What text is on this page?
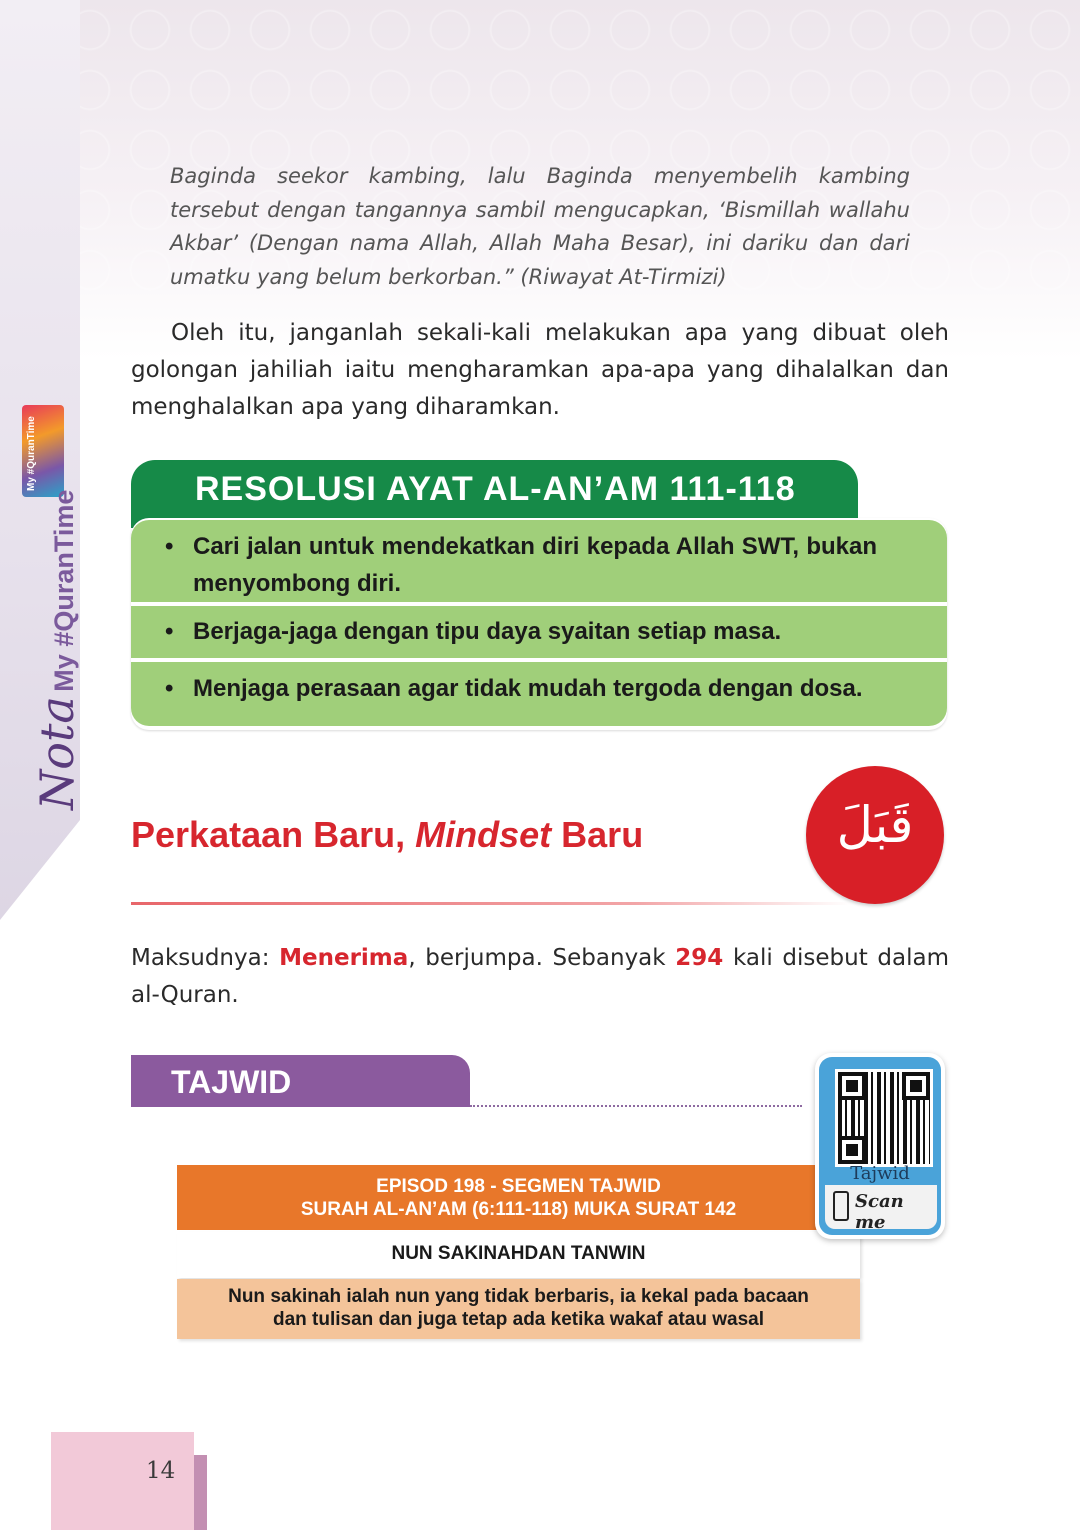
My #QuranTime
Nota My #QuranTime
Baginda seekor kambing, lalu Baginda menyembelih kambing tersebut dengan tangannya sambil mengucapkan, ‘Bismillah wallahu Akbar’ (Dengan nama Allah, Allah Maha Besar), ini dariku dan dari umatku yang belum berkorban.” (Riwayat At-Tirmizi)
Oleh itu, janganlah sekali-kali melakukan apa yang dibuat oleh golongan jahiliah iaitu mengharamkan apa-apa yang dihalalkan dan menghalalkan apa yang diharamkan.
RESOLUSI AYAT AL-AN’AM 111-118
• Cari jalan untuk mendekatkan diri kepada Allah SWT, bukan menyombong diri.
• Berjaga-jaga dengan tipu daya syaitan setiap masa.
• Menjaga perasaan agar tidak mudah tergoda dengan dosa.
Perkataan Baru, Mindset Baru	قَبَلَ
Maksudnya: Menerima, berjumpa. Sebanyak 294 kali disebut dalam al-Quran.
TAJWID
EPISOD 198 - SEGMEN TAJWID
SURAH AL-AN’AM (6:111-118) MUKA SURAT 142
NUN SAKINAHDAN TANWIN
Nun sakinah ialah nun yang tidak berbaris, ia kekal pada bacaan
dan tulisan dan juga tetap ada ketika wakaf atau wasal
Tajwid
Scan me
14
